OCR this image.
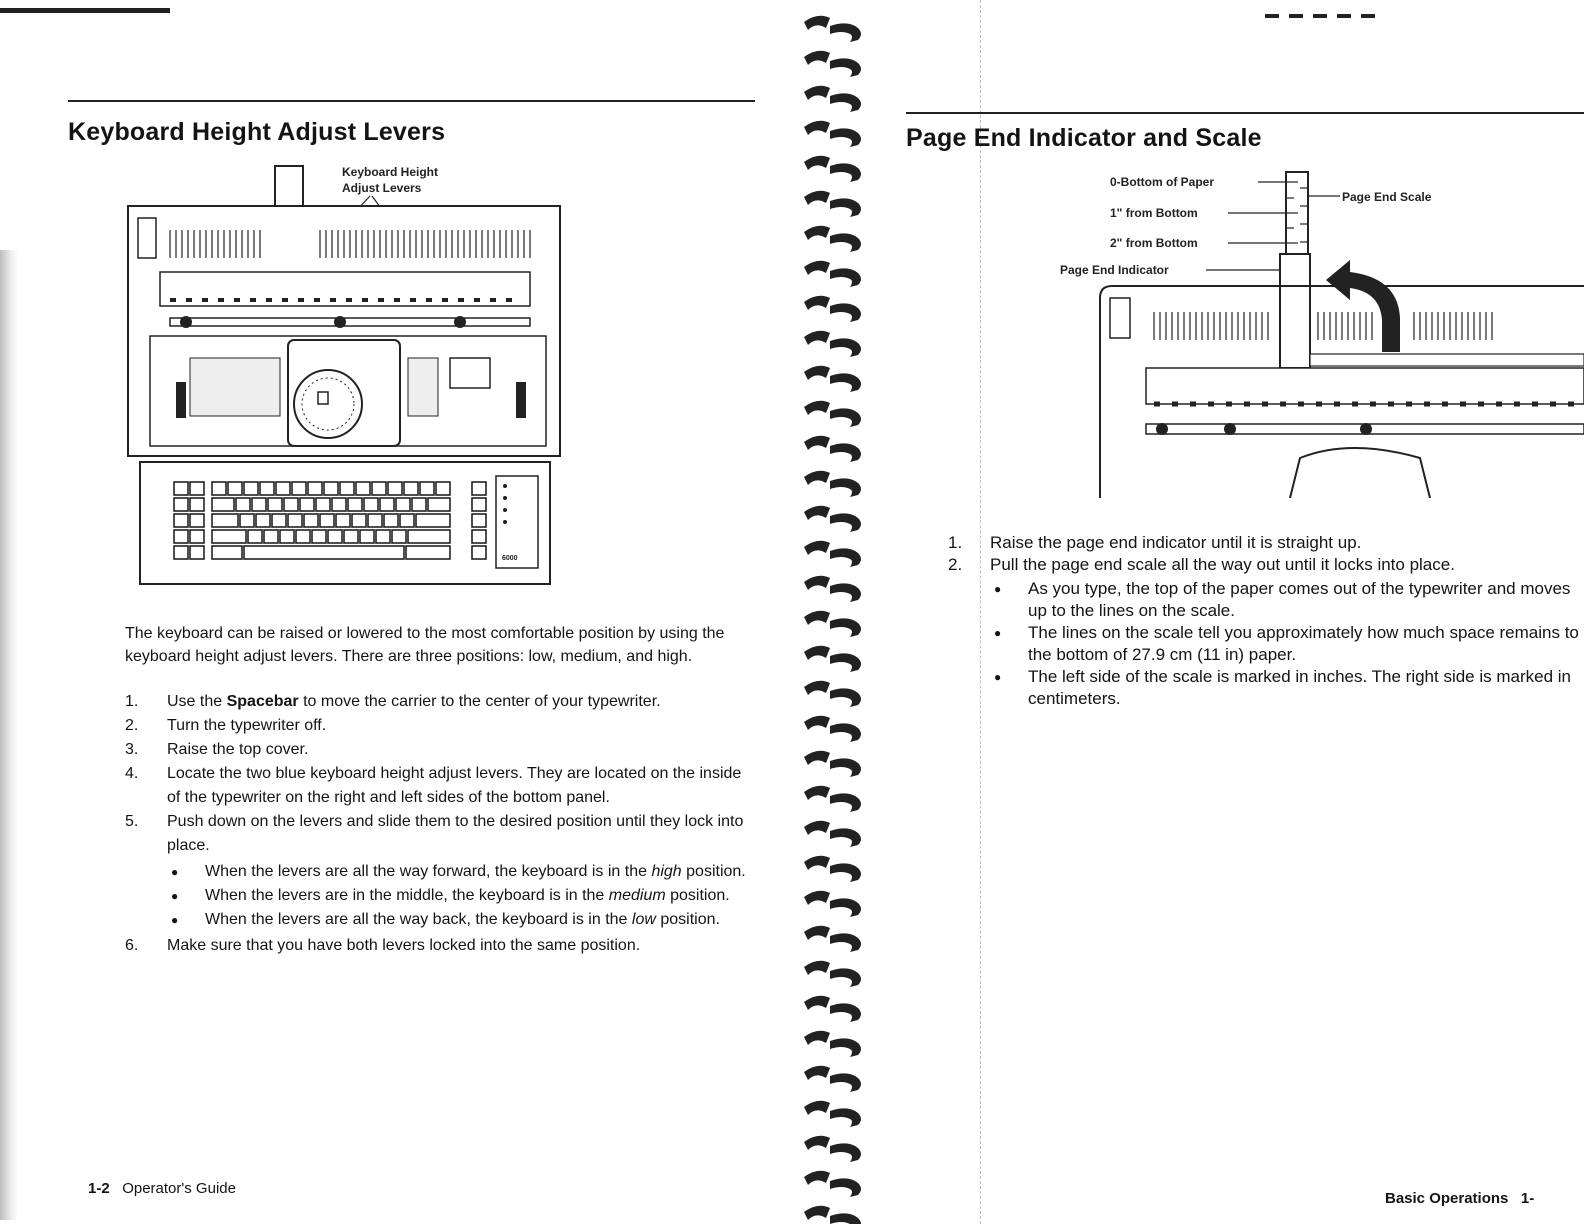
Keyboard Height Adjust Levers
Keyboard Height
Adjust Levers
6000

The keyboard can be raised or lowered to the most comfortable position by using the keyboard height adjust levers. There are three positions: low, medium, and high.

1. Use the Spacebar to move the carrier to the center of your typewriter.
2. Turn the typewriter off.
3. Raise the top cover.
4. Locate the two blue keyboard height adjust levers. They are located on the inside of the typewriter on the right and left sides of the bottom panel.
5. Push down on the levers and slide them to the desired position until they lock into place.
● When the levers are all the way forward, the keyboard is in the high position.
● When the levers are in the middle, the keyboard is in the medium position.
● When the levers are all the way back, the keyboard is in the low position.
6. Make sure that you have both levers locked into the same position.
1-2 Operator's Guide
Page End Indicator and Scale
0-Bottom of Paper
1" from Bottom
2" from Bottom
Page End Indicator
Page End Scale
1. Raise the page end indicator until it is straight up.
2. Pull the page end scale all the way out until it locks into place.
● As you type, the top of the paper comes out of the typewriter and moves up to the lines on the scale.
● The lines on the scale tell you approximately how much space remains to the bottom of 27.9 cm (11 in) paper.
● The left side of the scale is marked in inches. The right side is marked in centimeters.
Basic Operations 1-
